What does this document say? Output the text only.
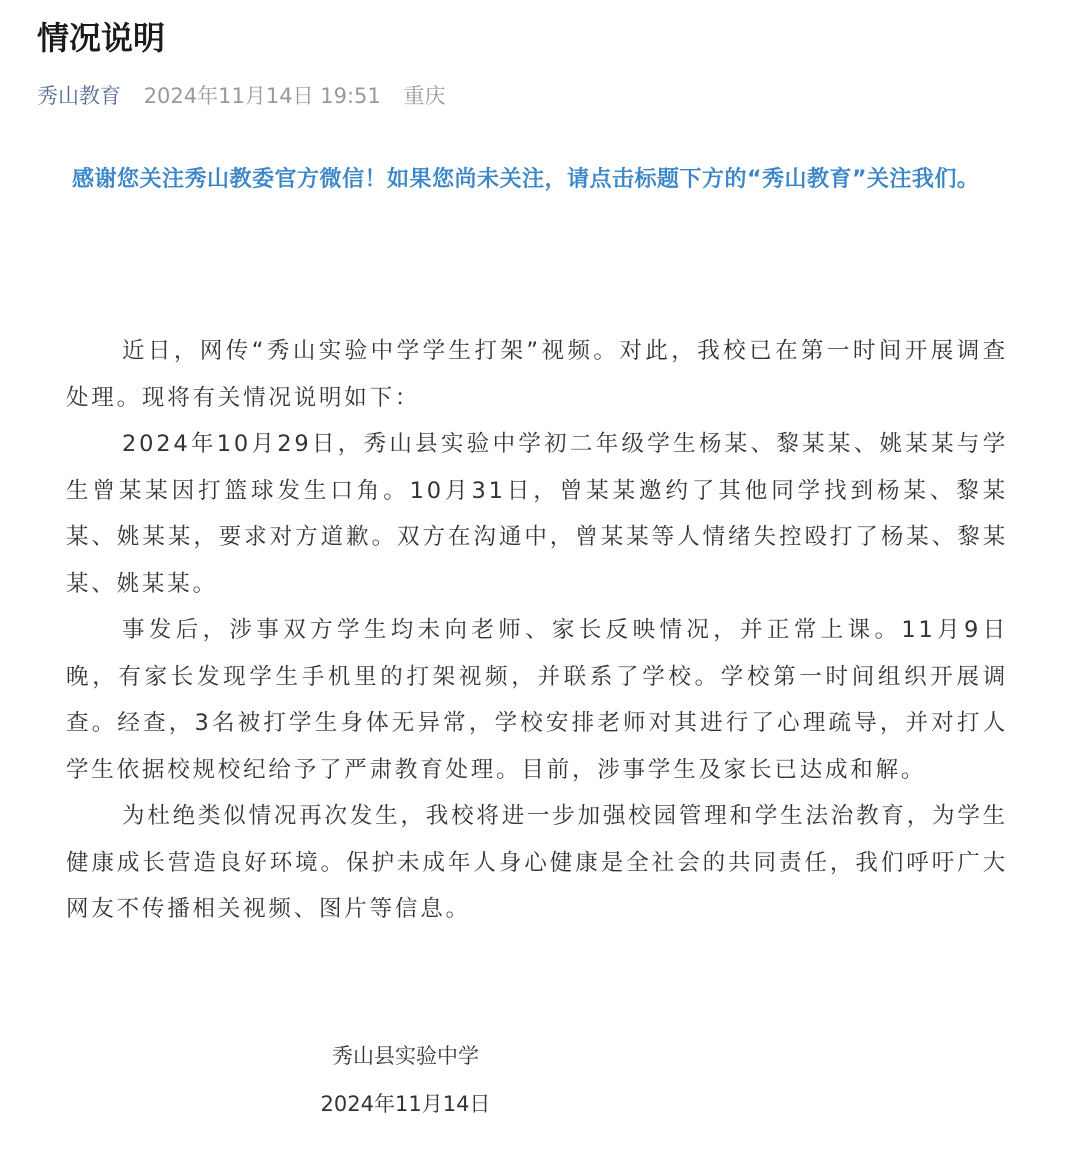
情况说明
秀山教育 2024年11月14日 19:51 重庆

感谢您关注秀山教委官方微信！如果您尚未关注，请点击标题下方的“秀山教育”关注我们。

近日，网传“秀山实验中学学生打架”视频。对此，我校已在第一时间开展调查处理。现将有关情况说明如下：

2024年10月29日，秀山县实验中学初二年级学生杨某、黎某某、姚某某与学生曾某某因打篮球发生口角。10月31日，曾某某邀约了其他同学找到杨某、黎某某、姚某某，要求对方道歉。双方在沟通中，曾某某等人情绪失控殴打了杨某、黎某某、姚某某。

事发后，涉事双方学生均未向老师、家长反映情况，并正常上课。11月9日晚，有家长发现学生手机里的打架视频，并联系了学校。学校第一时间组织开展调查。经查，3名被打学生身体无异常，学校安排老师对其进行了心理疏导，并对打人学生依据校规校纪给予了严肃教育处理。目前，涉事学生及家长已达成和解。

为杜绝类似情况再次发生，我校将进一步加强校园管理和学生法治教育，为学生健康成长营造良好环境。保护未成年人身心健康是全社会的共同责任，我们呼吁广大网友不传播相关视频、图片等信息。

秀山县实验中学
2024年11月14日
